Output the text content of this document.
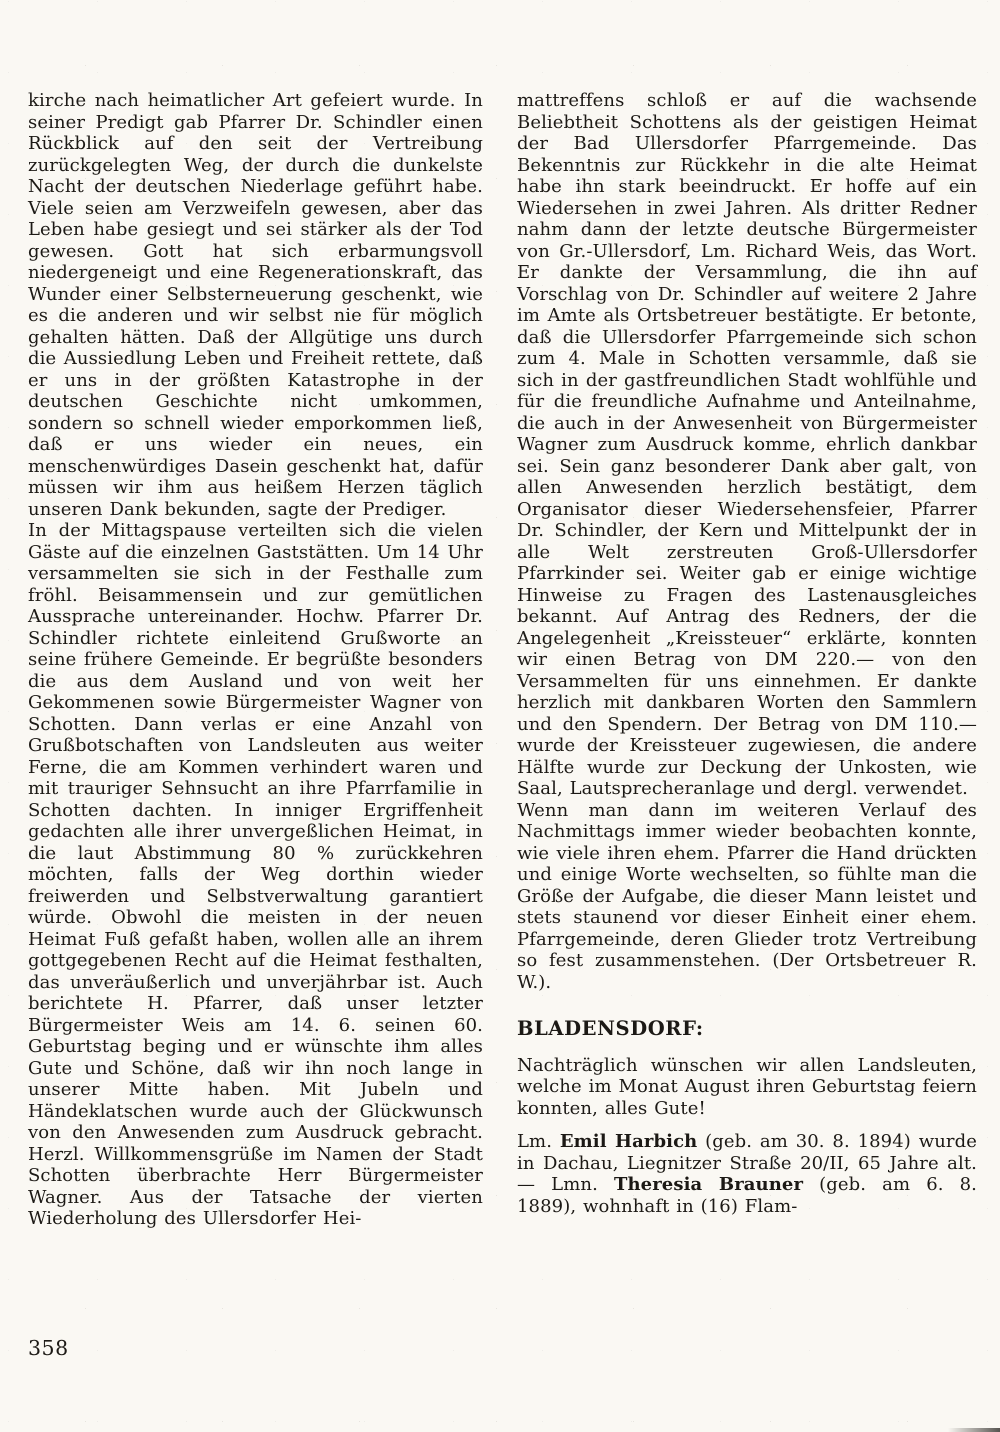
kirche nach heimatlicher Art gefeiert wurde. In seiner Predigt gab Pfarrer Dr. Schindler einen Rückblick auf den seit der Vertreibung zurückgelegten Weg, der durch die dunkelste Nacht der deutschen Niederlage geführt habe. Viele seien am Verzweifeln gewesen, aber das Leben habe gesiegt und sei stärker als der Tod gewesen. Gott hat sich erbarmungsvoll niedergeneigt und eine Regenerationskraft, das Wunder einer Selbsterneuerung geschenkt, wie es die anderen und wir selbst nie für möglich gehalten hätten. Daß der Allgütige uns durch die Aussiedlung Leben und Freiheit rettete, daß er uns in der größten Katastrophe in der deutschen Geschichte nicht umkommen, sondern so schnell wieder emporkommen ließ, daß er uns wieder ein neues, ein menschenwürdiges Dasein geschenkt hat, dafür müssen wir ihm aus heißem Herzen täglich unseren Dank bekunden, sagte der Prediger.

In der Mittagspause verteilten sich die vielen Gäste auf die einzelnen Gaststätten. Um 14 Uhr versammelten sie sich in der Festhalle zum fröhl. Beisammensein und zur gemütlichen Aussprache untereinander. Hochw. Pfarrer Dr. Schindler richtete einleitend Grußworte an seine frühere Gemeinde. Er begrüßte besonders die aus dem Ausland und von weit her Gekommenen sowie Bürgermeister Wagner von Schotten. Dann verlas er eine Anzahl von Grußbotschaften von Landsleuten aus weiter Ferne, die am Kommen verhindert waren und mit trauriger Sehnsucht an ihre Pfarrfamilie in Schotten dachten. In inniger Ergriffenheit gedachten alle ihrer unvergeßlichen Heimat, in die laut Abstimmung 80 % zurückkehren möchten, falls der Weg dorthin wieder freiwerden und Selbstverwaltung garantiert würde. Obwohl die meisten in der neuen Heimat Fuß gefaßt haben, wollen alle an ihrem gottgegebenen Recht auf die Heimat festhalten, das unveräußerlich und unverjährbar ist. Auch berichtete H. Pfarrer, daß unser letzter Bürgermeister Weis am 14. 6. seinen 60. Geburtstag beging und er wünschte ihm alles Gute und Schöne, daß wir ihn noch lange in unserer Mitte haben. Mit Jubeln und Händeklatschen wurde auch der Glückwunsch von den Anwesenden zum Ausdruck gebracht. Herzl. Willkommensgrüße im Namen der Stadt Schotten überbrachte Herr Bürgermeister Wagner. Aus der Tatsache der vierten Wiederholung des Ullersdorfer Hei-

mattreffens schloß er auf die wachsende Beliebtheit Schottens als der geistigen Heimat der Bad Ullersdorfer Pfarrgemeinde. Das Bekenntnis zur Rückkehr in die alte Heimat habe ihn stark beeindruckt. Er hoffe auf ein Wiedersehen in zwei Jahren. Als dritter Redner nahm dann der letzte deutsche Bürgermeister von Gr.-Ullersdorf, Lm. Richard Weis, das Wort. Er dankte der Versammlung, die ihn auf Vorschlag von Dr. Schindler auf weitere 2 Jahre im Amte als Ortsbetreuer bestätigte. Er betonte, daß die Ullersdorfer Pfarrgemeinde sich schon zum 4. Male in Schotten versammle, daß sie sich in der gastfreundlichen Stadt wohlfühle und für die freundliche Aufnahme und Anteilnahme, die auch in der Anwesenheit von Bürgermeister Wagner zum Ausdruck komme, ehrlich dankbar sei. Sein ganz besonderer Dank aber galt, von allen Anwesenden herzlich bestätigt, dem Organisator dieser Wiedersehensfeier, Pfarrer Dr. Schindler, der Kern und Mittelpunkt der in alle Welt zerstreuten Groß-Ullersdorfer Pfarrkinder sei. Weiter gab er einige wichtige Hinweise zu Fragen des Lastenausgleiches bekannt. Auf Antrag des Redners, der die Angelegenheit „Kreissteuer“ erklärte, konnten wir einen Betrag von DM 220.— von den Versammelten für uns einnehmen. Er dankte herzlich mit dankbaren Worten den Sammlern und den Spendern. Der Betrag von DM 110.— wurde der Kreissteuer zugewiesen, die andere Hälfte wurde zur Deckung der Unkosten, wie Saal, Lautsprecheranlage und dergl. verwendet.

Wenn man dann im weiteren Verlauf des Nachmittags immer wieder beobachten konnte, wie viele ihren ehem. Pfarrer die Hand drückten und einige Worte wechselten, so fühlte man die Größe der Aufgabe, die dieser Mann leistet und stets staunend vor dieser Einheit einer ehem. Pfarrgemeinde, deren Glieder trotz Vertreibung so fest zusammenstehen. (Der Ortsbetreuer R. W.).

BLADENSDORF:

Nachträglich wünschen wir allen Landsleuten, welche im Monat August ihren Geburtstag feiern konnten, alles Gute!

Lm. Emil Harbich (geb. am 30. 8. 1894) wurde in Dachau, Liegnitzer Straße 20/II, 65 Jahre alt. — Lmn. Theresia Brauner (geb. am 6. 8. 1889), wohnhaft in (16) Flam-

358
